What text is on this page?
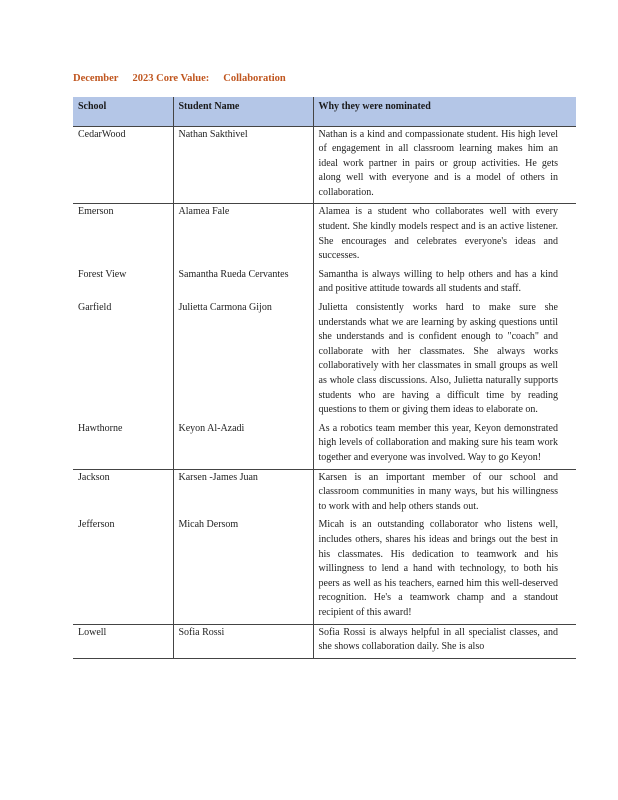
December 2023 Core Value: Collaboration
School	Student Name	Why they were nominated
CedarWood	Nathan Sakthivel	Nathan is a kind and compassionate student. His high level of engagement in all classroom learning makes him an ideal work partner in pairs or group activities. He gets along well with everyone and is a model of others in collaboration.
Emerson	Alamea Fale	Alamea is a student who collaborates well with every student. She kindly models respect and is an active listener. She encourages and celebrates everyone's ideas and successes.
Forest View	Samantha Rueda Cervantes	Samantha is always willing to help others and has a kind and positive attitude towards all students and staff.
Garfield	Julietta Carmona Gijon	Julietta consistently works hard to make sure she understands what we are learning by asking questions until she understands and is confident enough to "coach" and collaborate with her classmates. She always works collaboratively with her classmates in small groups as well as whole class discussions. Also, Julietta naturally supports students who are having a difficult time by reading questions to them or giving them ideas to elaborate on.
Hawthorne	Keyon Al-Azadi	As a robotics team member this year, Keyon demonstrated high levels of collaboration and making sure his team work together and everyone was involved. Way to go Keyon!
Jackson	Karsen -James Juan	Karsen is an important member of our school and classroom communities in many ways, but his willingness to work with and help others stands out.
Jefferson	Micah Dersom	Micah is an outstanding collaborator who listens well, includes others, shares his ideas and brings out the best in his classmates. His dedication to teamwork and his willingness to lend a hand with technology, to both his peers as well as his teachers, earned him this well-deserved recognition. He's a teamwork champ and a standout recipient of this award!
Lowell	Sofia Rossi	Sofia Rossi is always helpful in all specialist classes, and she shows collaboration daily. She is also
